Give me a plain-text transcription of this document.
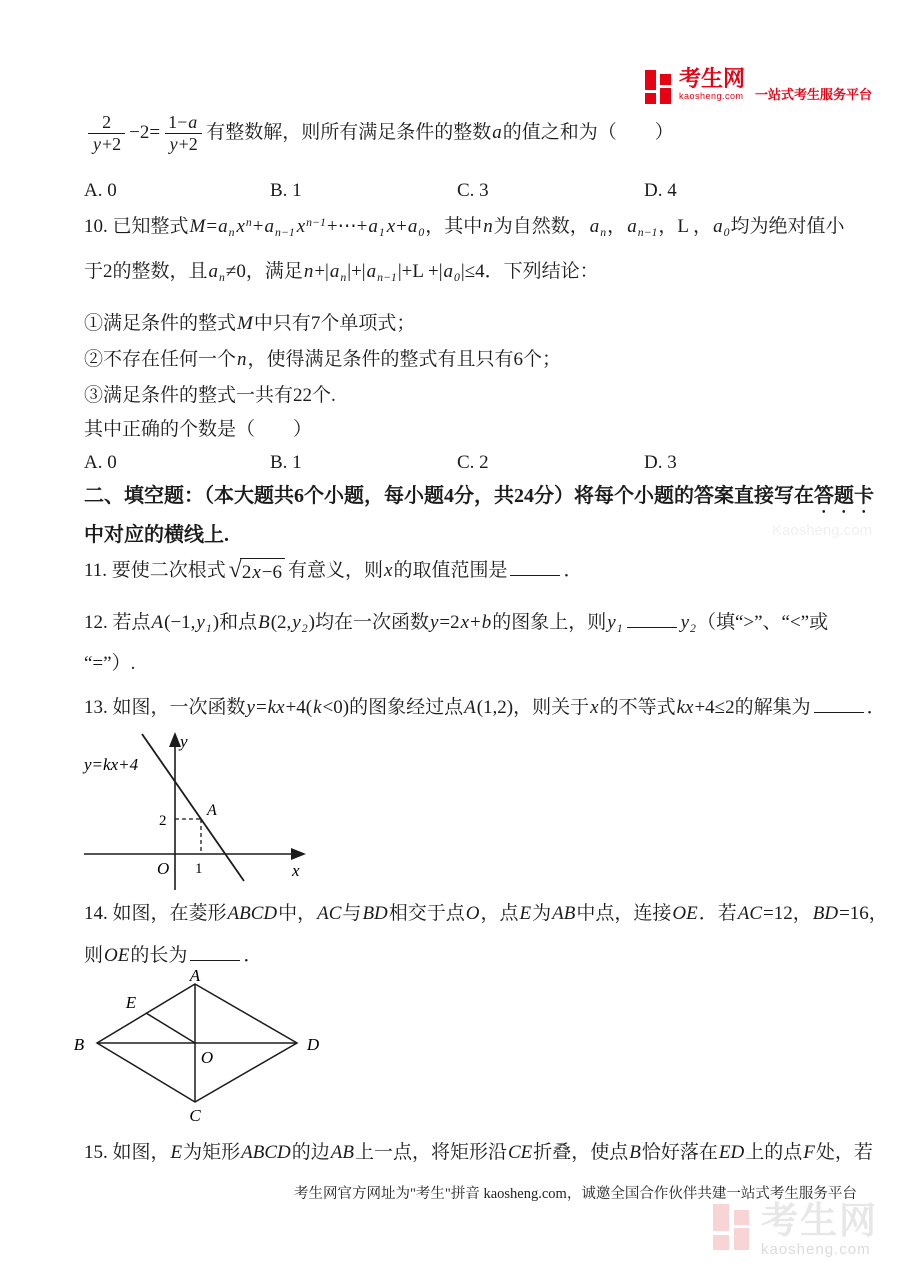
考生网
kaosheng.com 一站式考生服务平台
$\frac{2}{y+2} -2= \frac{1-a}{y+2}$ 有整数解，则所有满足条件的整数 a 的值之和为（　　）
A. 0	B. 1	C. 3	D. 4
10. 已知整式$M=a_n$ $x^n+a_{n-1}$ $x^{n-1}+\cdots+a_1$ $x+a_0$，其中n为自然数，$a_n$，$a_{n-1}$，L ，$a_0$均为绝对值小
于2的整数，且$a_n\ne 0$，满足$n+|a_n|+|a_{n-1}|+L +|a_0|\le 4$．下列结论：
①满足条件的整式M中只有7个单项式；
②不存在任何一个n，使得满足条件的整式有且只有6个；
③满足条件的整式一共有22个.
其中正确的个数是（　　）
A. 0	B. 1	C. 2	D. 3
二、填空题：（本大题共6个小题，每小题4分，共24分）将每个小题的答案直接写在答题卡
中对应的横线上.	Kaosheng.com
11. 要使二次根式 √ 2x−6 有意义，则x的取值范围是	．
12. 若点$A(-1,y_1)$和点$B(2,y_2)$均在一次函数y=2x+b的图象上，则$y_1$	$y_2$（填“>”、“<”或
“=”）.
13. 如图，一次函数y=kx+4(k<0)的图象经过点A(1,2)，则关于x的不等式kx+4≤2的解集为	．
y=kx+4
y
x
O 1
2
A
14. 如图，在菱形ABCD中，AC与BD相交于点O，点E为AB中点，连接OE．若AC=12，BD=16，
则OE的长为	．
A
B
C
D
E
O
15. 如图，E为矩形ABCD的边AB上一点，将矩形沿CE折叠，使点B恰好落在ED上的点F处，若
考生网官方网址为"考生"拼音 kaosheng.com，诚邀全国合作伙伴共建一站式考生服务平台
考生网
kaosheng.com
